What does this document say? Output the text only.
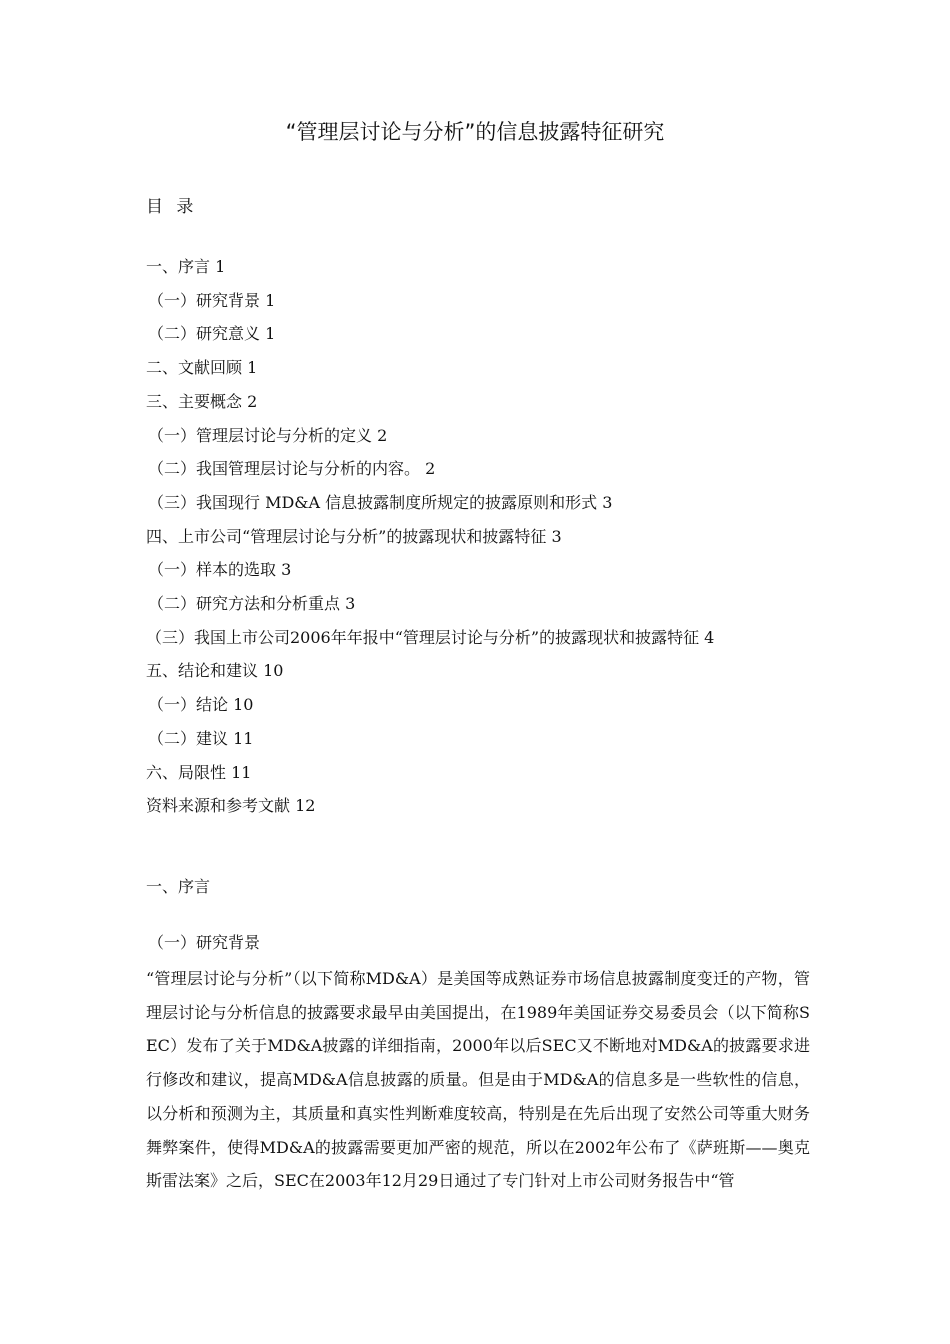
“管理层讨论与分析”的信息披露特征研究
目 录
一、序言 1
（一）研究背景 1
（二）研究意义 1
二、文献回顾 1
三、主要概念 2
（一）管理层讨论与分析的定义 2
（二）我国管理层讨论与分析的内容。 2
（三）我国现行 MD&A 信息披露制度所规定的披露原则和形式 3
四、上市公司“管理层讨论与分析”的披露现状和披露特征 3
（一）样本的选取 3
（二）研究方法和分析重点 3
（三）我国上市公司2006年年报中“管理层讨论与分析”的披露现状和披露特征 4
五、结论和建议 10
（一）结论 10
（二）建议 11
六、局限性 11
资料来源和参考文献 12
一、序言
（一）研究背景
“管理层讨论与分析”（以下简称MD&A）是美国等成熟证券市场信息披露制度变迁的产物，管理层讨论与分析信息的披露要求最早由美国提出，在1989年美国证券交易委员会（以下简称SEC）发布了关于MD&A披露的详细指南，2000年以后SEC又不断地对MD&A的披露要求进行修改和建议，提高MD&A信息披露的质量。但是由于MD&A的信息多是一些软性的信息，以分析和预测为主，其质量和真实性判断难度较高，特别是在先后出现了安然公司等重大财务舞弊案件，使得MD&A的披露需要更加严密的规范，所以在2002年公布了《萨班斯——奥克斯雷法案》之后，SEC在2003年12月29日通过了专门针对上市公司财务报告中“管
